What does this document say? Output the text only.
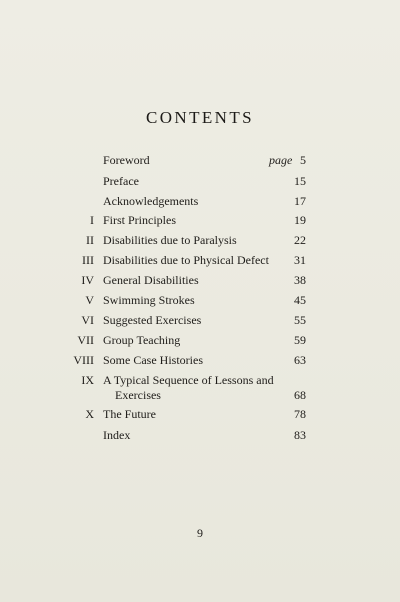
CONTENTS
Foreword	page 5
Preface	15
Acknowledgements	17
I First Principles	19
II Disabilities due to Paralysis	22
III Disabilities due to Physical Defect 31
IV General Disabilities	38
V Swimming Strokes	45
VI Suggested Exercises	55
VII Group Teaching	59
VIII Some Case Histories	63
IX A Typical Sequence of Lessons and
Exercises	68
X The Future	78
Index	83
9
